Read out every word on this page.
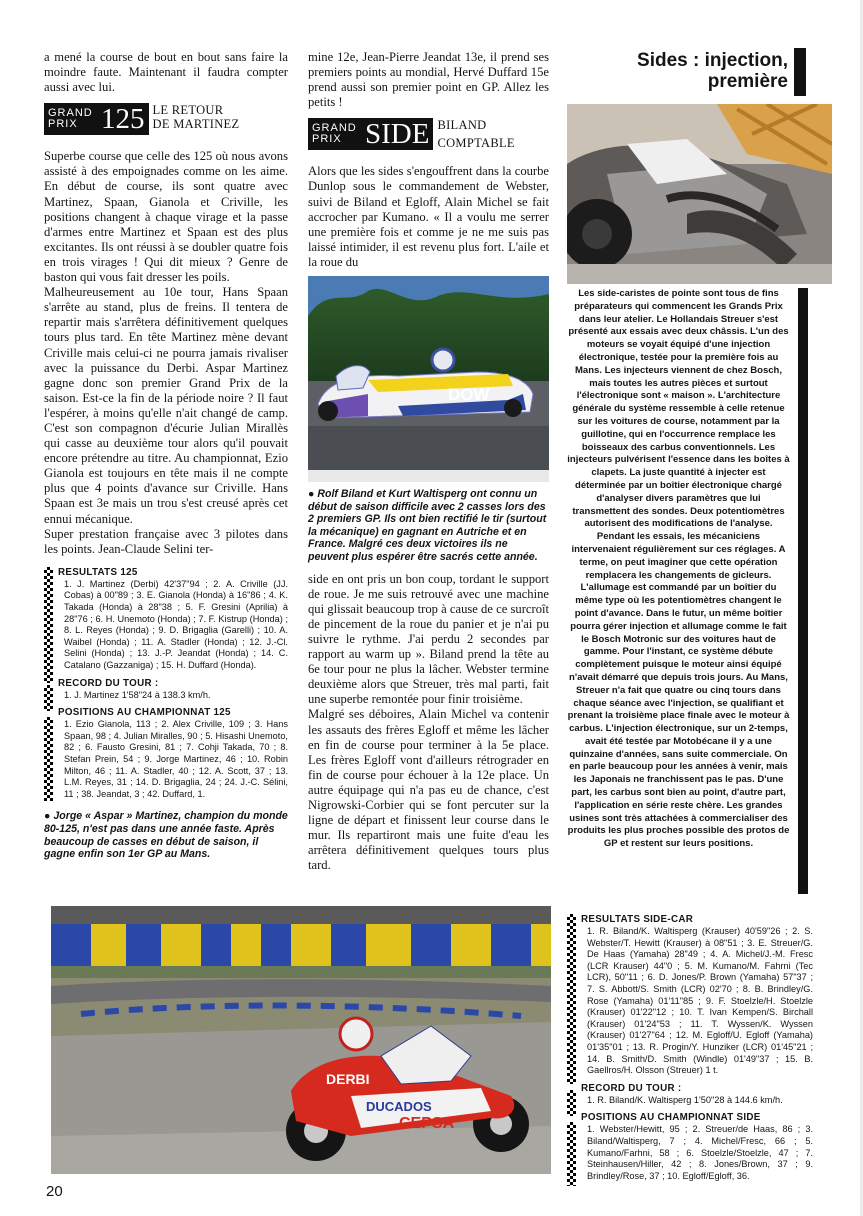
a mené la course de bout en bout sans faire la moindre faute. Maintenant il faudra compter aussi avec lui.

GRAND PRIX 125 LE RETOUR
DE MARTINEZ

Superbe course que celle des 125 où nous avons assisté à des empoignades comme on les aime. En début de course, ils sont quatre avec Martinez, Spaan, Gianola et Criville, les positions changent à chaque virage et la passe d'armes entre Martinez et Spaan est des plus excitantes. Ils ont réussi à se doubler quatre fois en trois virages ! Qui dit mieux ? Genre de baston qui vous fait dresser les poils.

Malheureusement au 10e tour, Hans Spaan s'arrête au stand, plus de freins. Il tentera de repartir mais s'arrêtera définitivement quelques tours plus tard. En tête Martinez mène devant Criville mais celui-ci ne pourra jamais rivaliser avec la puissance du Derbi. Aspar Martinez gagne donc son premier Grand Prix de la saison. Est-ce la fin de la période noire ? Il faut l'espérer, à moins qu'elle n'ait changé de camp. C'est son compagnon d'écurie Julian Mirallès qui casse au deuxième tour alors qu'il pouvait encore prétendre au titre. Au championnat, Ezio Gianola est toujours en tête mais il ne compte plus que 4 points d'avance sur Criville. Hans Spaan est 3e mais un trou s'est creusé après cet ennui mécanique.

Super prestation française avec 3 pilotes dans les points. Jean-Claude Selini ter-

RESULTATS 125
1. J. Martinez (Derbi) 42'37"94 ; 2. A. Criville (JJ. Cobas) à 00"89 ; 3. E. Gianola (Honda) à 16"86 ; 4. K. Takada (Honda) à 28"38 ; 5. F. Gresini (Aprilia) à 28"76 ; 6. H. Unemoto (Honda) ; 7. F. Kistrup (Honda) ; 8. L. Reyes (Honda) ; 9. D. Brigaglia (Garelli) ; 10. A. Waibel (Honda) ; 11. A. Stadler (Honda) ; 12. J.-Cl. Selini (Honda) ; 13. J.-P. Jeandat (Honda) ; 14. C. Catalano (Gazzaniga) ; 15. H. Duffard (Honda).
RECORD DU TOUR :
1. J. Martinez 1'58"24 à 138.3 km/h.
POSITIONS AU CHAMPIONNAT 125
1. Ezio Gianola, 113 ; 2. Alex Criville, 109 ; 3. Hans Spaan, 98 ; 4. Julian Miralles, 90 ; 5. Hisashi Unemoto, 82 ; 6. Fausto Gresini, 81 ; 7. Cohji Takada, 70 ; 8. Stefan Prein, 54 ; 9. Jorge Martinez, 46 ; 10. Robin Milton, 46 ; 11. A. Stadler, 40 ; 12. A. Scott, 37 ; 13. L.M. Reyes, 31 ; 14. D. Brigaglia, 24 ; 24. J.-C. Sélini, 11 ; 38. Jeandat, 3 ; 42. Duffard, 1.

● Jorge « Aspar » Martinez, champion du monde 80-125, n'est pas dans une année faste. Après beaucoup de casses en début de saison, il gagne enfin son 1er GP au Mans.

mine 12e, Jean-Pierre Jeandat 13e, il prend ses premiers points au mondial, Hervé Duffard 15e prend aussi son premier point en GP. Allez les petits !

GRAND PRIX SIDE BILAND
COMPTABLE

Alors que les sides s'engouffrent dans la courbe Dunlop sous le commandement de Webster, suivi de Biland et Egloff, Alain Michel se fait accrocher par Kumano. « Il a voulu me serrer une première fois et comme je ne me suis pas laissé intimider, il est revenu plus fort. L'aile et la roue du

DOW

● Rolf Biland et Kurt Waltisperg ont connu un début de saison difficile avec 2 casses lors des 2 premiers GP. Ils ont bien rectifié le tir (surtout la mécanique) en gagnant en Autriche et en France. Malgré ces deux victoires ils ne peuvent plus espérer être sacrés cette année.

side en ont pris un bon coup, tordant le support de roue. Je me suis retrouvé avec une machine qui glissait beaucoup trop à cause de ce surcroît de pincement de la roue du panier et je n'ai pu suivre le rythme. J'ai perdu 2 secondes par rapport au warm up ». Biland prend la tête au 6e tour pour ne plus la lâcher. Webster termine deuxième alors que Streuer, très mal parti, fait une superbe remontée pour finir troisième.

Malgré ses déboires, Alain Michel va contenir les assauts des frères Egloff et même les lâcher en fin de course pour terminer à la 5e place. Les frères Egloff vont d'ailleurs rétrograder en fin de course pour échouer à la 12e place. Un autre équipage qui n'a pas eu de chance, c'est Nigrowski-Corbier qui se font percuter sur la ligne de départ et finissent leur course dans le mur. Ils repartiront mais une fuite d'eau les arrêtera définitivement quelques tours plus tard.

Sides : injection,
première
Les side-caristes de pointe sont tous de fins préparateurs qui commencent les Grands Prix dans leur atelier. Le Hollandais Streuer s'est présenté aux essais avec deux châssis. L'un des moteurs se voyait équipé d'une injection électronique, testée pour la première fois au Mans. Les injecteurs viennent de chez Bosch, mais toutes les autres pièces et surtout l'électronique sont « maison ». L'architecture générale du système ressemble à celle retenue sur les voitures de course, notamment par la guillotine, qui en l'occurrence remplace les boisseaux des carbus conventionnels. Les injecteurs pulvérisent l'essence dans les boîtes à clapets. La juste quantité à injecter est déterminée par un boîtier électronique chargé d'analyser divers paramètres que lui transmettent des sondes. Deux potentiomètres autorisent des modifications de l'analyse. Pendant les essais, les mécaniciens intervenaient régulièrement sur ces réglages. A terme, on peut imaginer que cette opération remplacera les changements de gicleurs. L'allumage est commandé par un boîtier du même type où les potentiomètres changent le point d'avance. Dans le futur, un même boîtier pourra gérer injection et allumage comme le fait le Bosch Motronic sur des voitures haut de gamme. Pour l'instant, ce système débute complètement puisque le moteur ainsi équipé n'avait démarré que depuis trois jours. Au Mans, Streuer n'a fait que quatre ou cinq tours dans chaque séance avec l'injection, se qualifiant et prenant la troisième place finale avec le moteur à carbus. L'injection électronique, sur un 2-temps, avait été testée par Motobécane il y a une quinzaine d'années, sans suite commerciale. On en parle beaucoup pour les années à venir, mais les Japonais ne franchissent pas le pas. D'une part, les carbus sont bien au point, d'autre part, l'application en série reste chère. Les grandes usines sont très attachées à commercialiser des produits les plus proches possible des protos de GP et restent sur leurs positions.
RESULTATS SIDE-CAR
1. R. Biland/K. Waltisperg (Krauser) 40'59"26 ; 2. S. Webster/T. Hewitt (Krauser) à 08"51 ; 3. E. Streuer/G. De Haas (Yamaha) 28"49 ; 4. A. Michel/J.-M. Fresc (LCR Krauser) 44"0 ; 5. M. Kumano/M. Fahrni (Tec LCR), 50"11 ; 6. D. Jones/P. Brown (Yamaha) 57"37 ; 7. S. Abbott/S. Smith (LCR) 02'70 ; 8. B. Brindley/G. Rose (Yamaha) 01'11"85 ; 9. F. Stoelzle/H. Stoelzle (Krauser) 01'22"12 ; 10. T. Ivan Kempen/S. Birchall (Krauser) 01'24"53 ; 11. T. Wyssen/K. Wyssen (Krauser) 01'27"64 ; 12. M. Egloff/U. Egloff (Yamaha) 01'35"01 ; 13. R. Progin/Y. Hunziker (LCR) 01'45"21 ; 14. B. Smith/D. Smith (Windle) 01'49"37 ; 15. B. Gaellros/H. Olsson (Streuer) 1 t.
RECORD DU TOUR :
1. R. Biland/K. Waltisperg 1'50"28 à 144.6 km/h.
POSITIONS AU CHAMPIONNAT SIDE
1. Webster/Hewitt, 95 ; 2. Streuer/de Haas, 86 ; 3. Biland/Waltisperg, 7 ; 4. Michel/Fresc, 66 ; 5. Kumano/Farhni, 58 ; 6. Stoelzle/Stoelzle, 47 ; 7. Steinhausen/Hiller, 42 ; 8. Jones/Brown, 37 ; 9. Brindley/Rose, 37 ; 10. Egloff/Egloff, 36.
DERBI
DUCADOS
CEPSA
20
